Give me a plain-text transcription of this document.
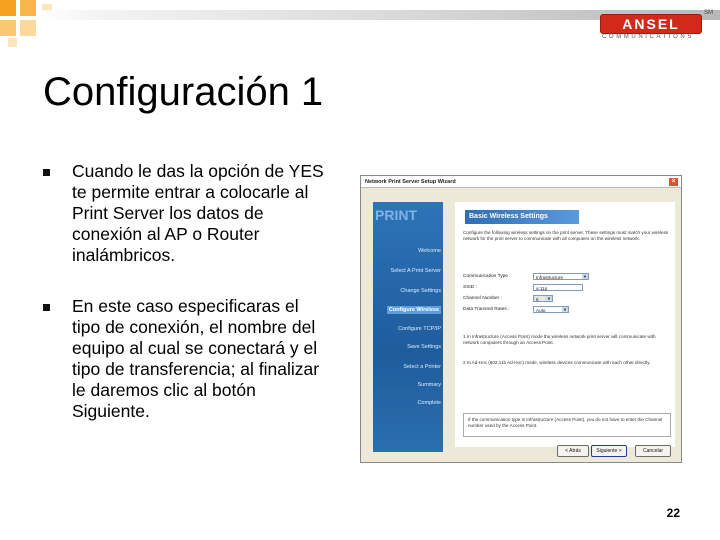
ANSEL
COMMUNICATIONS
SM
Configuración 1
Cuando le das la opción de YES te permite entrar a colocarle al Print Server los datos de conexión al AP o Router inalámbricos.
En este caso especificaras el tipo de conexión, el nombre del equipo al cual se conectará y el tipo de transferencia; al finalizar le daremos clic al botón Siguiente.
Network Print Server Setup Wizard	×
PRINT
Welcome
Select A Print Server
Change Settings
Configure Wireless
Configure TCP/IP
Save Settings
Select a Printer
Summary
Complete
Basic Wireless Settings
Configure the following wireless settings on the print server. These settings must match your wireless network for the print server to communicate with all computers on the wireless network.
Communication Type :	Infrastructure	▼
SSID :	a:11p
Channel Number :	6 ▼
Data Transmit Rates :	Auto	▼
1 In Infrastructure (Access Point) mode the wireless network print server will communicate with network computers through an Access Point.
2 In Ad-Hoc (802.11b Ad-Hoc) mode, wireless devices communicate with each other directly.
If the communication type is Infrastructure (Access Point), you do not have to enter the Channel number used by the Access Point.
< Atrás	Siguiente >	Cancelar
22
